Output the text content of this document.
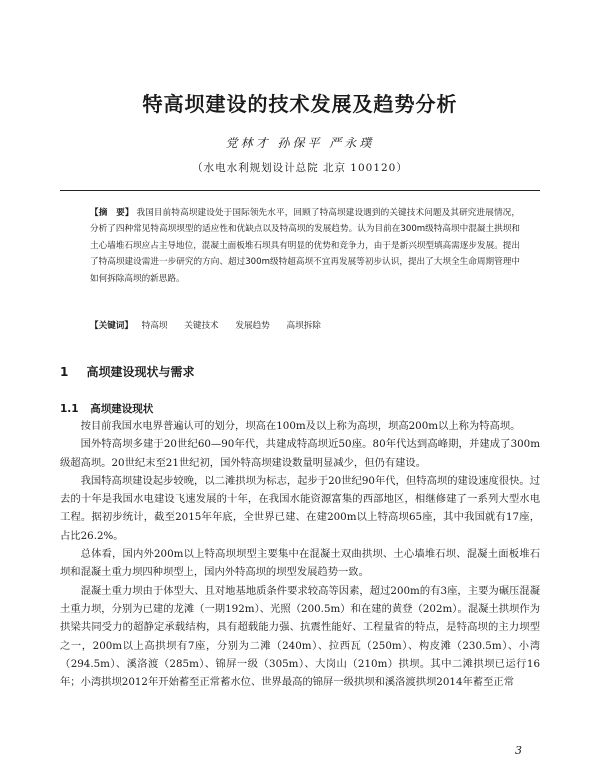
特高坝建设的技术发展及趋势分析
党林才 孙保平 严永璞
（水电水利规划设计总院 北京 100120）
【摘　要】 我国目前特高坝建设处于国际领先水平，回顾了特高坝建设遇到的关键技术问题及其研究进展情况，分析了四种常见特高坝坝型的适应性和优缺点以及特高坝的发展趋势。认为目前在300m级特高坝中混凝土拱坝和土心墙堆石坝应占主导地位，混凝土面板堆石坝具有明显的优势和竞争力，由于是新兴坝型填高需逐步发展。提出了特高坝建设需进一步研究的方向、超过300m级特超高坝不宜再发展等初步认识，提出了大坝全生命周期管理中如何拆除高坝的新思路。
【关键词】 特高坝 关键技术 发展趋势 高坝拆除
1 高坝建设现状与需求
1.1 高坝建设现状

按目前我国水电界普遍认可的划分，坝高在100m及以上称为高坝，坝高200m以上称为特高坝。

国外特高坝多建于20世纪60—90年代，共建成特高坝近50座。80年代达到高峰期，并建成了300m级超高坝。20世纪末至21世纪初，国外特高坝建设数量明显减少，但仍有建设。

我国特高坝建设起步较晚，以二滩拱坝为标志，起步于20世纪90年代，但特高坝的建设速度很快。过去的十年是我国水电建设飞速发展的十年，在我国水能资源富集的西部地区，相继修建了一系列大型水电工程。据初步统计，截至2015年年底，全世界已建、在建200m以上特高坝65座，其中我国就有17座，占比26.2%。

总体看，国内外200m以上特高坝坝型主要集中在混凝土双曲拱坝、土心墙堆石坝、混凝土面板堆石坝和混凝土重力坝四种坝型上，国内外特高坝的坝型发展趋势一致。

混凝土重力坝由于体型大、且对地基地质条件要求较高等因素，超过200m的有3座，主要为碾压混凝土重力坝，分别为已建的龙滩（一期192m）、光照（200.5m）和在建的黄登（202m）。混凝土拱坝作为拱梁共同受力的超静定承载结构，具有超载能力强、抗震性能好、工程量省的特点，是特高坝的主力坝型之一，200m以上高拱坝有7座，分别为二滩（240m）、拉西瓦（250m）、构皮滩（230.5m）、小湾（294.5m）、溪洛渡（285m）、锦屏一级（305m）、大岗山（210m）拱坝。其中二滩拱坝已运行16年；小湾拱坝2012年开始蓄至正常蓄水位、世界最高的锦屏一级拱坝和溪洛渡拱坝2014年蓄至正常

3
